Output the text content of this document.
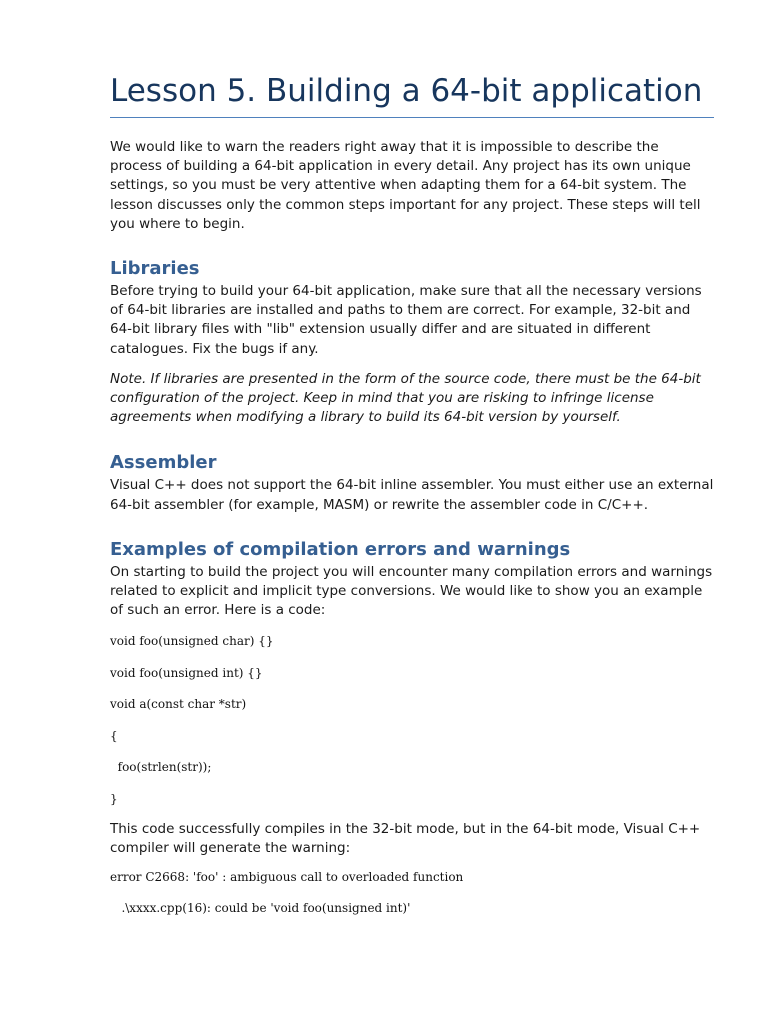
Lesson 5. Building a 64-bit application

We would like to warn the readers right away that it is impossible to describe the process of building a 64-bit application in every detail. Any project has its own unique settings, so you must be very attentive when adapting them for a 64-bit system. The lesson discusses only the common steps important for any project. These steps will tell you where to begin.

Libraries

Before trying to build your 64-bit application, make sure that all the necessary versions of 64-bit libraries are installed and paths to them are correct. For example, 32-bit and 64-bit library files with "lib" extension usually differ and are situated in different catalogues. Fix the bugs if any.

Note. If libraries are presented in the form of the source code, there must be the 64-bit configuration of the project. Keep in mind that you are risking to infringe license agreements when modifying a library to build its 64-bit version by yourself.

Assembler

Visual C++ does not support the 64-bit inline assembler. You must either use an external 64-bit assembler (for example, MASM) or rewrite the assembler code in C/C++.

Examples of compilation errors and warnings

On starting to build the project you will encounter many compilation errors and warnings related to explicit and implicit type conversions. We would like to show you an example of such an error. Here is a code:

void foo(unsigned char) {}
void foo(unsigned int) {}
void a(const char *str)
{
foo(strlen(str));
}

This code successfully compiles in the 32-bit mode, but in the 64-bit mode, Visual C++ compiler will generate the warning:

error C2668: 'foo' : ambiguous call to overloaded function
.\xxxx.cpp(16): could be 'void foo(unsigned int)'
